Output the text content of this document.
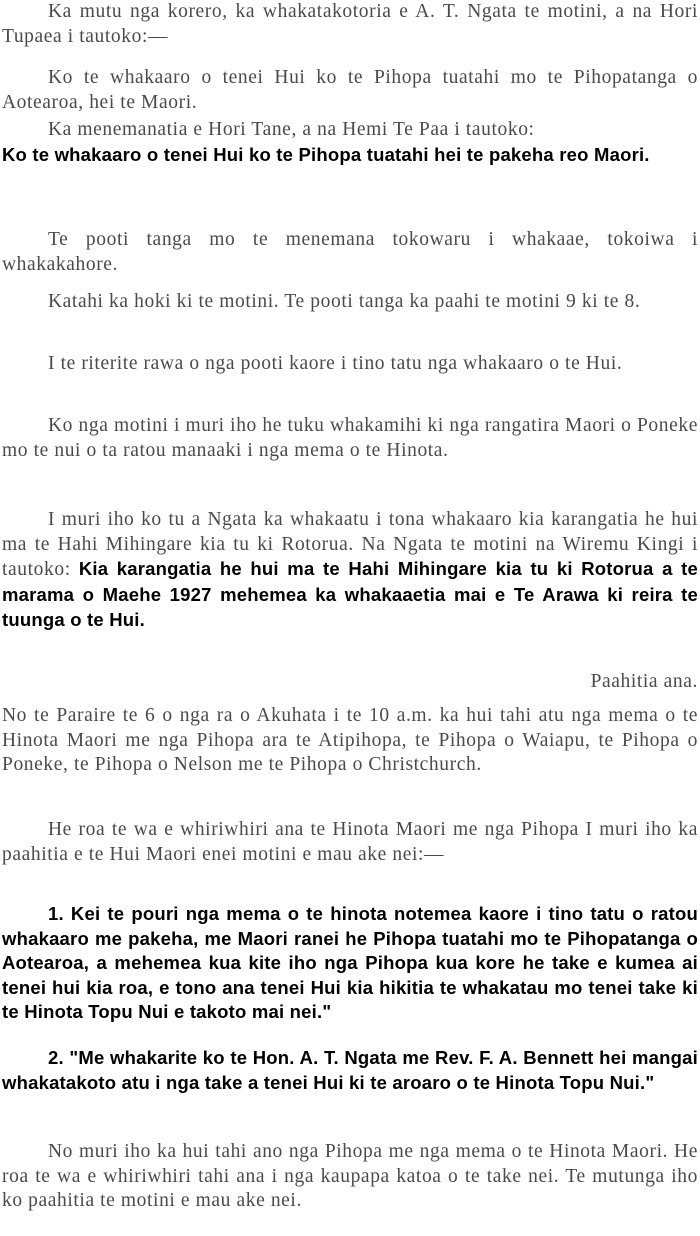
Ka mutu nga korero, ka whakatakotoria e A. T. Ngata te motini, a na Hori Tupaea i tautoko:—

Ko te whakaaro o tenei Hui ko te Pihopa tuatahi mo te Pihopatanga o Aotearoa, hei te Maori.

Ka menemanatia e Hori Tane, a na Hemi Te Paa i tautoko:
Ko te whakaaro o tenei Hui ko te Pihopa tuatahi hei te pakeha reo Maori.

Te pooti tanga mo te menemana tokowaru i whakaae, tokoiwa i whakakahore.

Katahi ka hoki ki te motini. Te pooti tanga ka paahi te motini 9 ki te 8.

I te riterite rawa o nga pooti kaore i tino tatu nga whakaaro o te Hui.

Ko nga motini i muri iho he tuku whakamihi ki nga rangatira Maori o Poneke mo te nui o ta ratou manaaki i nga mema o te Hinota.

I muri iho ko tu a Ngata ka whakaatu i tona whakaaro kia karangatia he hui ma te Hahi Mihingare kia tu ki Rotorua. Na Ngata te motini na Wiremu Kingi i tautoko: Kia karangatia he hui ma te Hahi Mihingare kia tu ki Rotorua a te marama o Maehe 1927 mehemea ka whakaaetia mai e Te Arawa ki reira te tuunga o te Hui.

Paahitia ana.

No te Paraire te 6 o nga ra o Akuhata i te 10 a.m. ka hui tahi atu nga mema o te Hinota Maori me nga Pihopa ara te Atipihopa, te Pihopa o Waiapu, te Pihopa o Poneke, te Pihopa o Nelson me te Pihopa o Christchurch.

He roa te wa e whiriwhiri ana te Hinota Maori me nga Pihopa I muri iho ka paahitia e te Hui Maori enei motini e mau ake nei:—

1. Kei te pouri nga mema o te hinota notemea kaore i tino tatu o ratou whakaaro me pakeha, me Maori ranei he Pihopa tuatahi mo te Pihopatanga o Aotearoa, a mehemea kua kite iho nga Pihopa kua kore he take e kumea ai tenei hui kia roa, e tono ana tenei Hui kia hikitia te whakatau mo tenei take ki te Hinota Topu Nui e takoto mai nei."

2. "Me whakarite ko te Hon. A. T. Ngata me Rev. F. A. Bennett hei mangai whakatakoto atu i nga take a tenei Hui ki te aroaro o te Hinota Topu Nui."

No muri iho ka hui tahi ano nga Pihopa me nga mema o te Hinota Maori. He roa te wa e whiriwhiri tahi ana i nga kaupapa katoa o te take nei. Te mutunga iho ko paahitia te motini e mau ake nei.
